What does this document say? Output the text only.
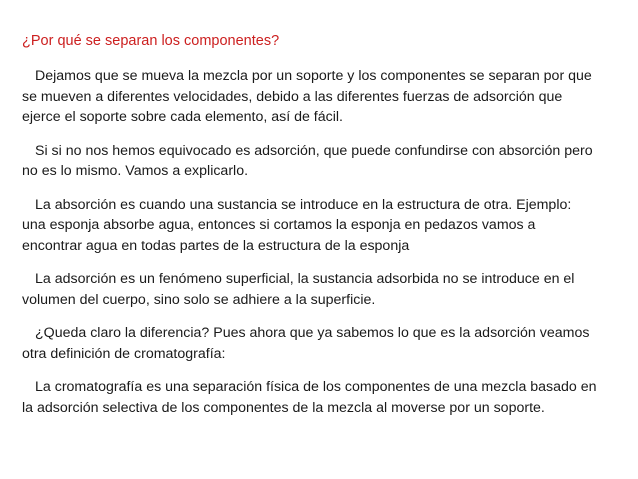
¿Por qué se separan los componentes?

Dejamos que se mueva la mezcla por un soporte y los componentes se separan por que
se mueven a diferentes velocidades, debido a las diferentes fuerzas de adsorción que
ejerce el soporte sobre cada elemento, así de fácil.

Si si no nos hemos equivocado es adsorción, que puede confundirse con absorción pero
no es lo mismo. Vamos a explicarlo.

La absorción es cuando una sustancia se introduce en la estructura de otra. Ejemplo:
una esponja absorbe agua, entonces si cortamos la esponja en pedazos vamos a
encontrar agua en todas partes de la estructura de la esponja

La adsorción es un fenómeno superficial, la sustancia adsorbida no se introduce en el
volumen del cuerpo, sino solo se adhiere a la superficie.

¿Queda claro la diferencia? Pues ahora que ya sabemos lo que es la adsorción veamos
otra definición de cromatografía:

La cromatografía es una separación física de los componentes de una mezcla basado en
la adsorción selectiva de los componentes de la mezcla al moverse por un soporte.
